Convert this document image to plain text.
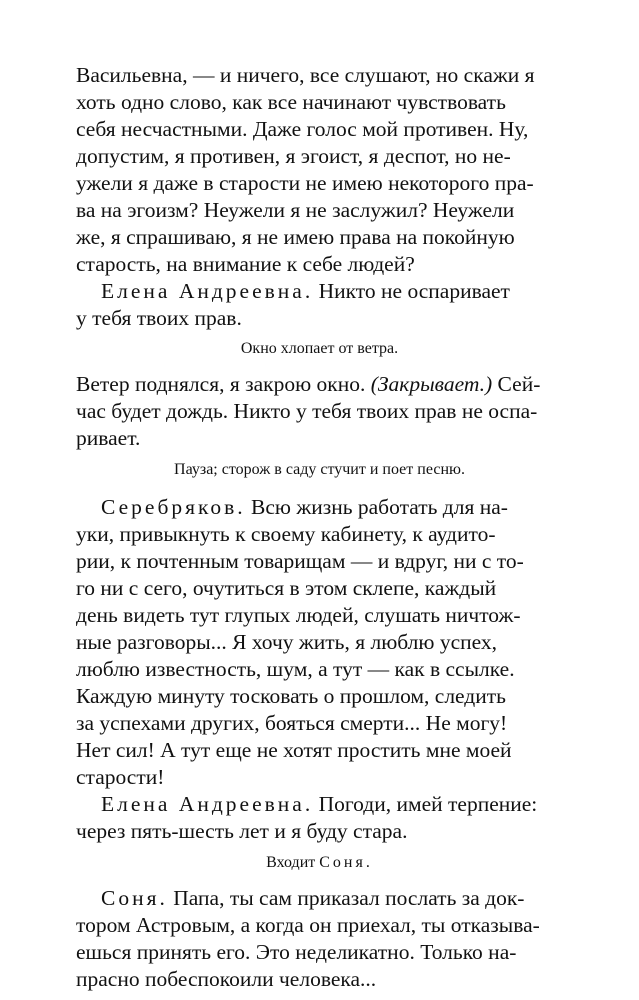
Васильевна, — и ничего, все слушают, но скажи я
хоть одно слово, как все начинают чувствовать
себя несчастными. Даже голос мой противен. Ну,
допустим, я противен, я эгоист, я деспот, но не-
ужели я даже в старости не имею некоторого пра-
ва на эгоизм? Неужели я не заслужил? Неужели
же, я спрашиваю, я не имею права на покойную
старость, на внимание к себе людей?
Елена Андреевна. Никто не оспаривает
у тебя твоих прав.
Окно хлопает от ветра.
Ветер поднялся, я закрою окно. (Закрывает.) Сей-
час будет дождь. Никто у тебя твоих прав не оспа-
ривает.
Пауза; сторож в саду стучит и поет песню.
Серебряков. Всю жизнь работать для на-
уки, привыкнуть к своему кабинету, к аудито-
рии, к почтенным товарищам — и вдруг, ни с то-
го ни с сего, очутиться в этом склепе, каждый
день видеть тут глупых людей, слушать ничтож-
ные разговоры... Я хочу жить, я люблю успех,
люблю известность, шум, а тут — как в ссылке.
Каждую минуту тосковать о прошлом, следить
за успехами других, бояться смерти... Не могу!
Нет сил! А тут еще не хотят простить мне моей
старости!
Елена Андреевна. Погоди, имей терпение:
через пять-шесть лет и я буду стара.
Входит Соня.
Соня. Папа, ты сам приказал послать за док-
тором Астровым, а когда он приехал, ты отказыва-
ешься принять его. Это неделикатно. Только на-
прасно побеспокоили человека...
